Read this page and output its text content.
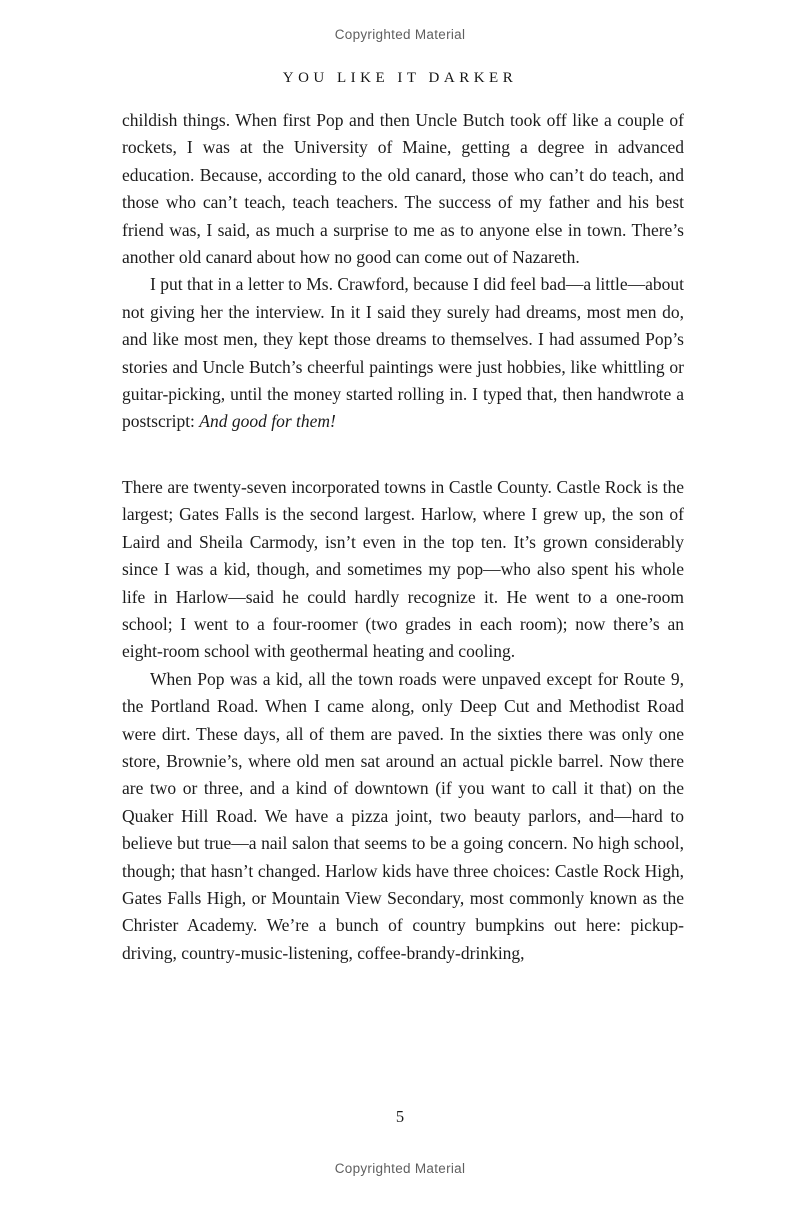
Copyrighted Material
YOU LIKE IT DARKER

childish things. When first Pop and then Uncle Butch took off like a couple of rockets, I was at the University of Maine, getting a degree in advanced education. Because, according to the old canard, those who can’t do teach, and those who can’t teach, teach teachers. The success of my father and his best friend was, I said, as much a surprise to me as to anyone else in town. There’s another old canard about how no good can come out of Nazareth.

I put that in a letter to Ms. Crawford, because I did feel bad—a little—about not giving her the interview. In it I said they surely had dreams, most men do, and like most men, they kept those dreams to themselves. I had assumed Pop’s stories and Uncle Butch’s cheerful paintings were just hobbies, like whittling or guitar-picking, until the money started rolling in. I typed that, then handwrote a postscript: And good for them!

There are twenty-seven incorporated towns in Castle County. Castle Rock is the largest; Gates Falls is the second largest. Harlow, where I grew up, the son of Laird and Sheila Carmody, isn’t even in the top ten. It’s grown considerably since I was a kid, though, and sometimes my pop—who also spent his whole life in Harlow—said he could hardly recognize it. He went to a one-room school; I went to a four-roomer (two grades in each room); now there’s an eight-room school with geothermal heating and cooling.

When Pop was a kid, all the town roads were unpaved except for Route 9, the Portland Road. When I came along, only Deep Cut and Methodist Road were dirt. These days, all of them are paved. In the sixties there was only one store, Brownie’s, where old men sat around an actual pickle barrel. Now there are two or three, and a kind of downtown (if you want to call it that) on the Quaker Hill Road. We have a pizza joint, two beauty parlors, and—hard to believe but true—a nail salon that seems to be a going concern. No high school, though; that hasn’t changed. Harlow kids have three choices: Castle Rock High, Gates Falls High, or Mountain View Secondary, most commonly known as the Christer Academy. We’re a bunch of country bumpkins out here: pickup-driving, country-music-listening, coffee-brandy-drinking,

5
Copyrighted Material
